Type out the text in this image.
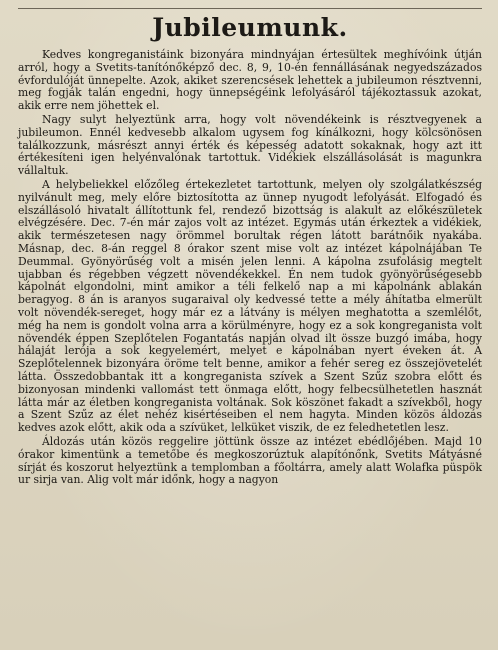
Jubileumunk.

Kedves kongreganistáink bizonyára mindnyájan értesültek meghívóink útján arról, hogy a Svetits-tanítónőképző dec. 8, 9, 10-én fennállásának negyedszázados évfordulóját ünnepelte. Azok, akiket szerencsések lehettek a jubileumon résztvenni, meg fogják talán engedni, hogy ünnepségéink lefolyásáról tájékoztassuk azokat, akik erre nem jöhettek el.

Nagy sulyt helyeztünk arra, hogy volt növendékeink is résztvegyenek a jubileumon. Ennél kedvesebb alkalom ugysem fog kínálkozni, hogy kölcsönösen találkozzunk, másrészt annyi érték és képesség adatott sokaknak, hogy azt itt értékesíteni igen helyénvalónak tartottuk. Vidékiek elszállásolását is magunkra vállaltuk.

A helybeliekkel előzőleg értekezletet tartottunk, melyen oly szolgálatkészség nyilvánult meg, mely előre biztosította az ünnep nyugodt lefolyását. Elfogadó és elszállásoló hivatalt állítottunk fel, rendező bizottság is alakult az előkészületek elvégzésére. Dec. 7-én már zajos volt az intézet. Egymás után érkeztek a vidékiek, akik természetesen nagy örömmel borultak régen látott barátnőik nyakába. Másnap, dec. 8-án reggel 8 órakor szent mise volt az intézet kápolnájában Te Deummal. Gyönyörűség volt a misén jelen lenni. A kápolna zsufolásig megtelt ujabban és régebben végzett növendékekkel. Én nem tudok gyönyörűségesebb kápolnát elgondolni, mint amikor a téli felkelő nap a mi kápolnánk ablakán beragyog. 8 án is aranyos sugaraival oly kedvessé tette a mély áhítatba elmerült volt növendék-sereget, hogy már ez a látvány is mélyen meghatotta a szemlélőt, még ha nem is gondolt volna arra a körülményre, hogy ez a sok kongreganista volt növendék éppen Szeplőtelen Fogantatás napján olvad ilt össze buzgó imába, hogy hálaját lerója a sok kegyelemért, melyet e kápolnában nyert éveken át. A Szeplőtelennek bizonyára öröme telt benne, amikor a fehér sereg ez összejövetelét látta. Összedobbantak itt a kongreganista szívek a Szent Szűz szobra előtt és bizonyosan mindenki vallomást tett önmaga előtt, hogy felbecsülhetetlen hasznát látta már az életben kongreganista voltának. Sok köszönet fakadt a szívekből, hogy a Szent Szűz az élet nehéz kisértéseiben el nem hagyta. Minden közös áldozás kedves azok előtt, akik oda a szívüket, lelküket viszik, de ez feledhetetlen lesz.

Áldozás után közös reggelire jöttünk össze az intézet ebédlőjében. Majd 10 órakor kimentünk a temetőbe és megkoszorúztuk alapítónőnk, Svetits Mátyásné sírját és koszorut helyeztünk a templomban a főoltárra, amely alatt Wolafka püspök ur sirja van. Alig volt már időnk, hogy a nagyon
